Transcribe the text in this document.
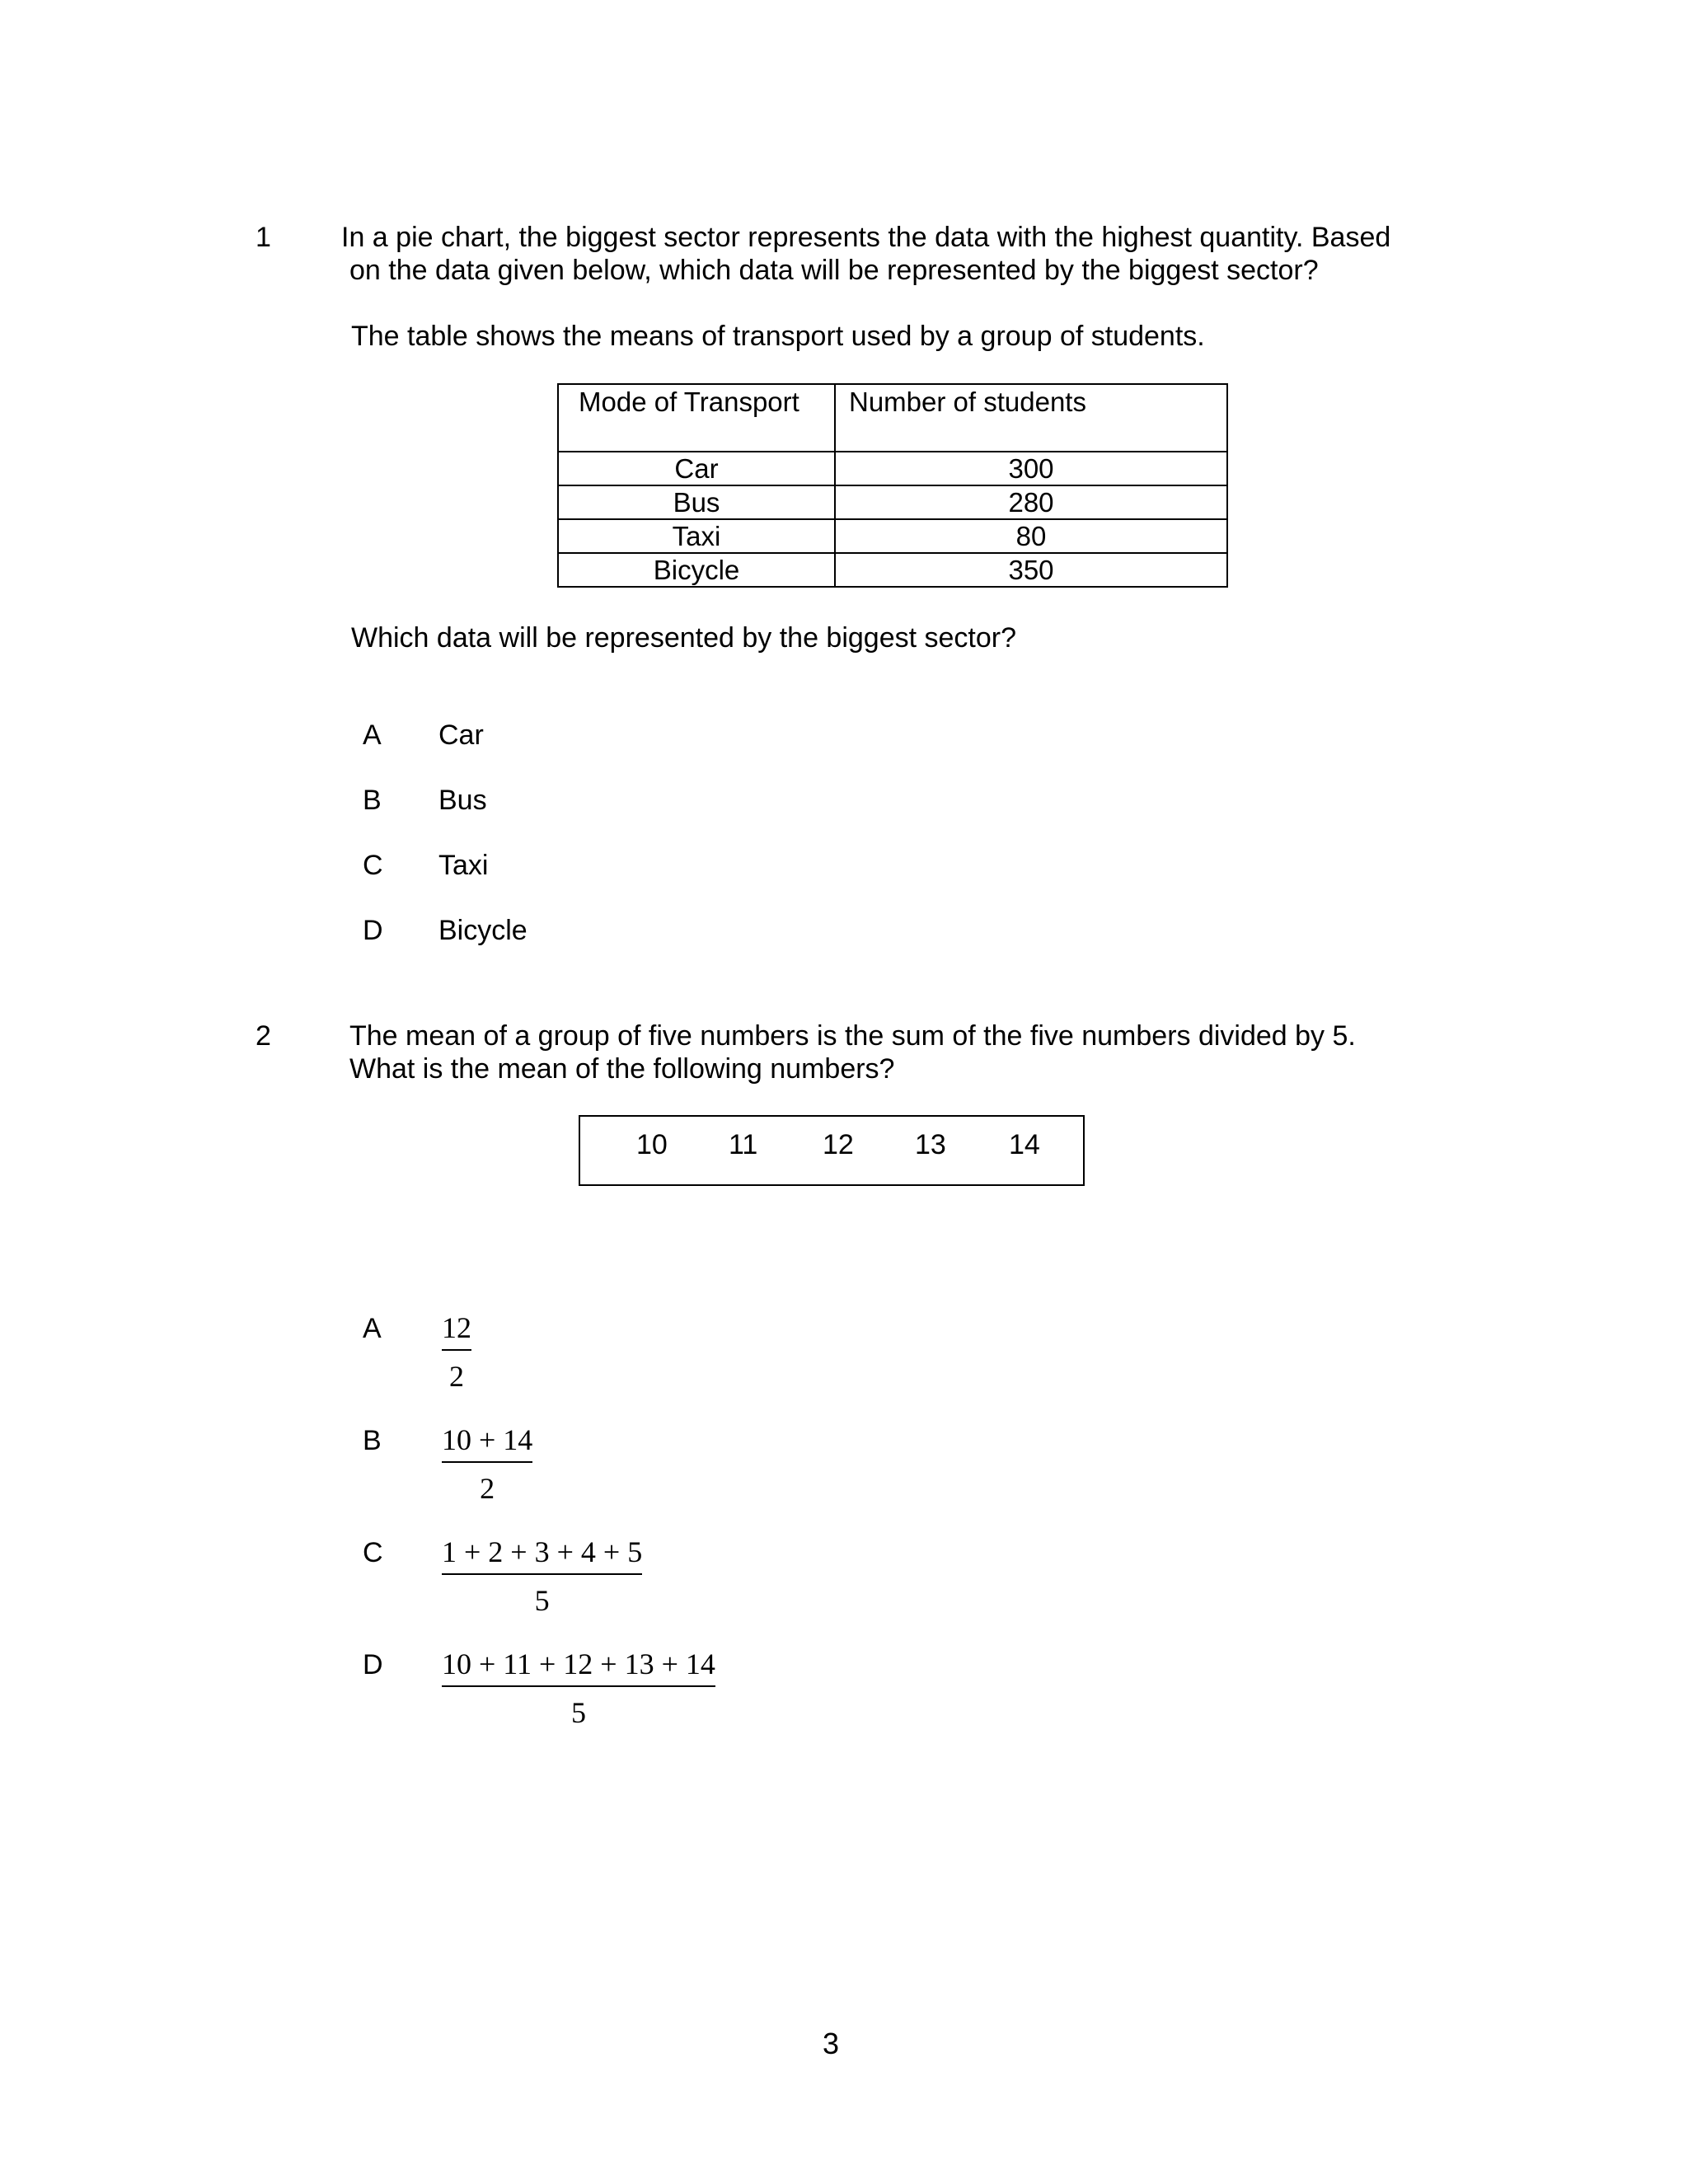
1	In a pie chart, the biggest sector represents the data with the highest quantity. Based
on the data given below, which data will be represented by the biggest sector?
The table shows the means of transport used by a group of students.
Mode of Transport	Number of students
Car	300
Bus	280
Taxi	80
Bicycle	350
Which data will be represented by the biggest sector?
A Car
B Bus
C Taxi
D Bicycle
2	The mean of a group of five numbers is the sum of the five numbers divided by 5.
What is the mean of the following numbers?
10 11 12 13 14
A $\frac{12}{2}$
B $\frac{10 + 14}{2}$
C $\frac{1 + 2 + 3 + 4 + 5}{5}$
D $\frac{10 + 11 + 12 + 13 + 14}{5}$
3
